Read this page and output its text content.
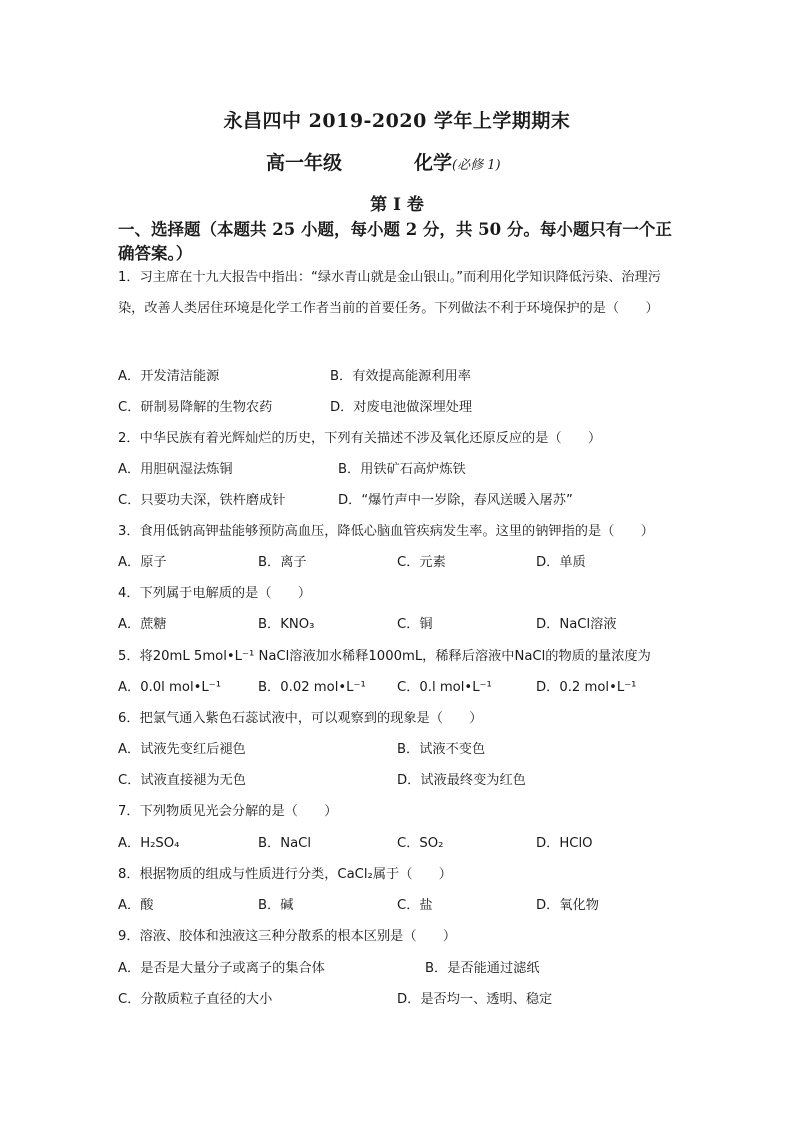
永昌四中 2019-2020 学年上学期期末
高一年级	化学(必修 1)
第 I 卷
一、选择题（本题共 25 小题，每小题 2 分，共 50 分。每小题只有一个正确答案。）
1．习主席在十九大报告中指出：“绿水青山就是金山银山。”而利用化学知识降低污染、治理污染，改善人类居住环境是化学工作者当前的首要任务。下列做法不利于环境保护的是（　　）
A．开发清洁能源	B．有效提高能源利用率
C．研制易降解的生物农药	D．对废电池做深埋处理
2．中华民族有着光辉灿烂的历史，下列有关描述不涉及氧化还原反应的是（　　）
A．用胆矾湿法炼铜	B．用铁矿石高炉炼铁
C．只要功夫深，铁杵磨成针	D．“爆竹声中一岁除，春风送暖入屠苏”
3．食用低钠高钾盐能够预防高血压，降低心脑血管疾病发生率。这里的钠钾指的是（　　）
A．原子	B．离子	C．元素	D．单质
4．下列属于电解质的是（　　）
A．蔗糖	B．KNO₃	C．铜	D．NaCl溶液
5．将20mL 5mol•L⁻¹ NaCl溶液加水稀释1000mL，稀释后溶液中NaCl的物质的量浓度为
A．0.0l mol•L⁻¹	B．0.02 mol•L⁻¹ C．0.l mol•L⁻¹	D．0.2 mol•L⁻¹
6．把氯气通入紫色石蕊试液中，可以观察到的现象是（　　）
A．试液先变红后褪色	B．试液不变色
C．试液直接褪为无色	D．试液最终变为红色
7．下列物质见光会分解的是（　　）
A．H₂SO₄	B．NaCl	C．SO₂	D．HClO
8．根据物质的组成与性质进行分类，CaCl₂属于（　　）
A．酸	B．碱	C．盐	D．氧化物
9．溶液、胶体和浊液这三种分散系的根本区别是（　　）
A．是否是大量分子或离子的集合体	B．是否能通过滤纸
C．分散质粒子直径的大小	D．是否均一、透明、稳定
